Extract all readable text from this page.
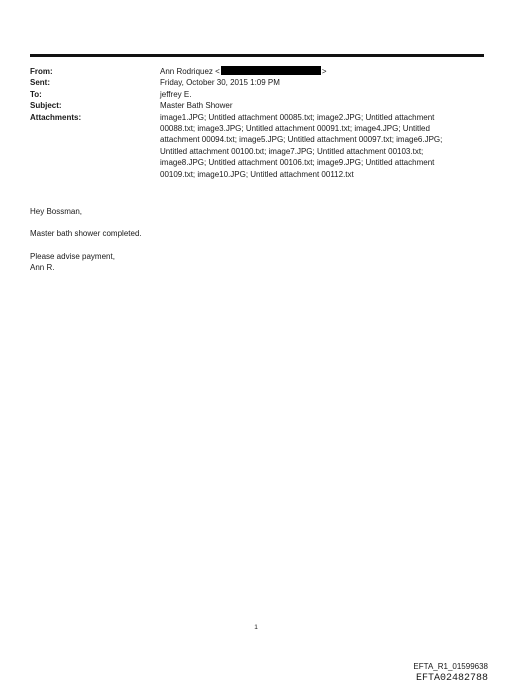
From:	Ann Rodriquez <	>
Sent:	Friday, October 30, 2015 1:09 PM
To:	jeffrey E.
Subject:	Master Bath Shower
Attachments:	image1.JPG; Untitled attachment 00085.txt; image2.JPG; Untitled attachment
00088.txt; image3.JPG; Untitled attachment 00091.txt; image4.JPG; Untitled
attachment 00094.txt; image5.JPG; Untitled attachment 00097.txt; image6.JPG;
Untitled attachment 00100.txt; image7.JPG; Untitled attachment 00103.txt;
image8.JPG; Untitled attachment 00106.txt; image9.JPG; Untitled attachment
00109.txt; image10.JPG; Untitled attachment 00112.txt
Hey Bossman,
Master bath shower completed.
Please advise payment,
Ann R.
1
EFTA_R1_01599638
EFTA02482788
